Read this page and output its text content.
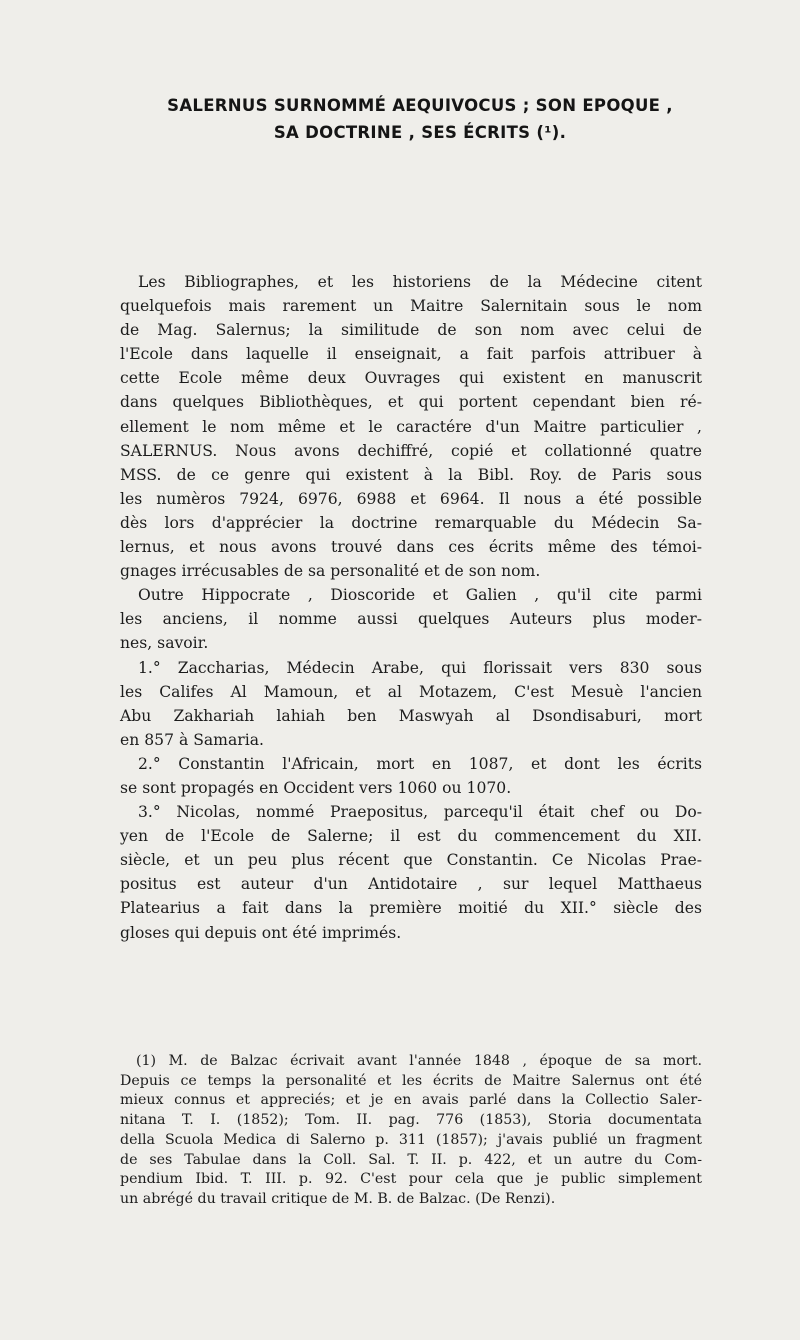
SALERNUS SURNOMMÉ AEQUIVOCUS ; SON EPOQUE ,
SA DOCTRINE , SES ÉCRITS (¹).
Les Bibliographes, et les historiens de la Médecine citent
quelquefois mais rarement un Maitre Salernitain sous le nom
de Mag. Salernus; la similitude de son nom avec celui de
l'Ecole dans laquelle il enseignait, a fait parfois attribuer à
cette Ecole même deux Ouvrages qui existent en manuscrit
dans quelques Bibliothèques, et qui portent cependant bien ré-
ellement le nom même et le caractére d'un Maitre particulier ,
SALERNUS. Nous avons dechiffré, copié et collationné quatre
MSS. de ce genre qui existent à la Bibl. Roy. de Paris sous
les numèros 7924, 6976, 6988 et 6964. Il nous a été possible
dès lors d'apprécier la doctrine remarquable du Médecin Sa-
lernus, et nous avons trouvé dans ces écrits même des témoi-
gnages irrécusables de sa personalité et de son nom.
Outre Hippocrate , Dioscoride et Galien , qu'il cite parmi
les anciens, il nomme aussi quelques Auteurs plus moder-
nes, savoir.
1.° Zaccharias, Médecin Arabe, qui florissait vers 830 sous
les Califes Al Mamoun, et al Motazem, C'est Mesuè l'ancien
Abu Zakhariah lahiah ben Maswyah al Dsondisaburi, mort
en 857 à Samaria.
2.° Constantin l'Africain, mort en 1087, et dont les écrits
se sont propagés en Occident vers 1060 ou 1070.
3.° Nicolas, nommé Praepositus, parcequ'il était chef ou Do-
yen de l'Ecole de Salerne; il est du commencement du XII.
siècle, et un peu plus récent que Constantin. Ce Nicolas Prae-
positus est auteur d'un Antidotaire , sur lequel Matthaeus
Platearius a fait dans la première moitié du XII.° siècle des
gloses qui depuis ont été imprimés.
(1) M. de Balzac écrivait avant l'année 1848 , époque de sa mort.
Depuis ce temps la personalité et les écrits de Maitre Salernus ont été
mieux connus et appreciés; et je en avais parlé dans la Collectio Saler-
nitana T. I. (1852); Tom. II. pag. 776 (1853), Storia documentata
della Scuola Medica di Salerno p. 311 (1857); j'avais publié un fragment
de ses Tabulae dans la Coll. Sal. T. II. p. 422, et un autre du Com-
pendium Ibid. T. III. p. 92. C'est pour cela que je public simplement
un abrégé du travail critique de M. B. de Balzac. (De Renzi).
